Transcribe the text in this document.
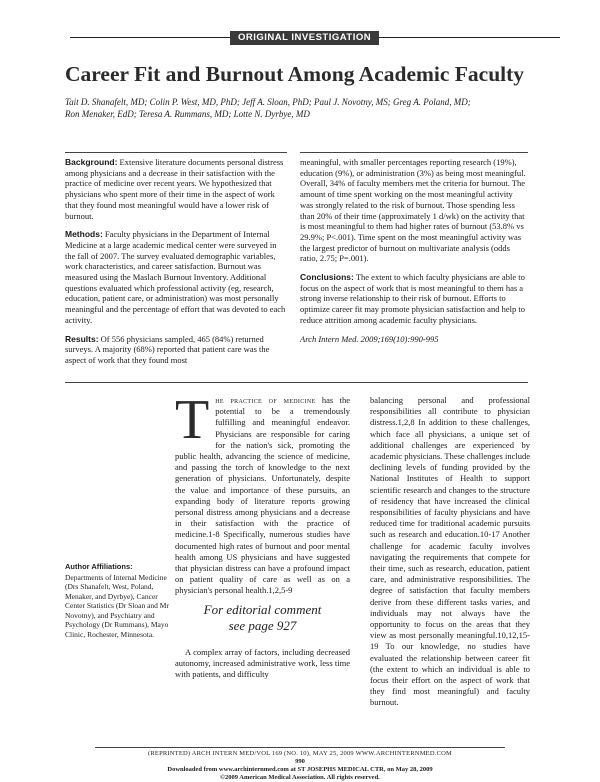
ORIGINAL INVESTIGATION
Career Fit and Burnout Among Academic Faculty
Tait D. Shanafelt, MD; Colin P. West, MD, PhD; Jeff A. Sloan, PhD; Paul J. Novotny, MS; Greg A. Poland, MD;
Ron Menaker, EdD; Teresa A. Rummans, MD; Lotte N. Dyrbye, MD

Background: Extensive literature documents personal distress among physicians and a decrease in their satisfaction with the practice of medicine over recent years. We hypothesized that physicians who spent more of their time in the aspect of work that they found most meaningful would have a lower risk of burnout.

Methods: Faculty physicians in the Department of Internal Medicine at a large academic medical center were surveyed in the fall of 2007. The survey evaluated demographic variables, work characteristics, and career satisfaction. Burnout was measured using the Maslach Burnout Inventory. Additional questions evaluated which professional activity (eg, research, education, patient care, or administration) was most personally meaningful and the percentage of effort that was devoted to each activity.

Results: Of 556 physicians sampled, 465 (84%) returned surveys. A majority (68%) reported that patient care was the aspect of work that they found most

meaningful, with smaller percentages reporting research (19%), education (9%), or administration (3%) as being most meaningful. Overall, 34% of faculty members met the criteria for burnout. The amount of time spent working on the most meaningful activity was strongly related to the risk of burnout. Those spending less than 20% of their time (approximately 1 d/wk) on the activity that is most meaningful to them had higher rates of burnout (53.8% vs 29.9%; P<.001). Time spent on the most meaningful activity was the largest predictor of burnout on multivariate analysis (odds ratio, 2.75; P=.001).

Conclusions: The extent to which faculty physicians are able to focus on the aspect of work that is most meaningful to them has a strong inverse relationship to their risk of burnout. Efforts to optimize career fit may promote physician satisfaction and help to reduce attrition among academic faculty physicians.

Arch Intern Med. 2009;169(10):990-995

T he practice of medicine has the potential to be a tremendously fulfilling and meaningful endeavor. Physicians are responsible for caring for the nation's sick, promoting the public health, advancing the science of medicine, and passing the torch of knowledge to the next generation of physicians. Unfortunately, despite the value and importance of these pursuits, an expanding body of literature reports growing personal distress among physicians and a decrease in their satisfaction with the practice of medicine.1-8 Specifically, numerous studies have documented high rates of burnout and poor mental health among US physicians and have suggested that physician distress can have a profound impact on patient quality of care as well as on a physician's personal health.1,2,5-9

Author Affiliations:
Departments of Internal Medicine (Drs Shanafelt, West, Poland, Menaker, and Dyrbye), Cancer Center Statistics (Dr Sloan and Mr Novotny), and Psychiatry and Psychology (Dr Rummans), Mayo Clinic, Rochester, Minnesota.
For editorial comment
see page 927

A complex array of factors, including decreased autonomy, increased administrative work, less time with patients, and difficulty

balancing personal and professional responsibilities all contribute to physician distress.1,2,8 In addition to these challenges, which face all physicians, a unique set of additional challenges are experienced by academic physicians. These challenges include declining levels of funding provided by the National Institutes of Health to support scientific research and changes to the structure of residency that have increased the clinical responsibilities of faculty physicians and have reduced time for traditional academic pursuits such as research and education.10-17 Another challenge for academic faculty involves navigating the requirements that compete for their time, such as research, education, patient care, and administrative responsibilities. The degree of satisfaction that faculty members derive from these different tasks varies, and individuals may not always have the opportunity to focus on the areas that they view as most personally meaningful.10,12,15-19 To our knowledge, no studies have evaluated the relationship between career fit (the extent to which an individual is able to focus their effort on the aspect of work that they find most meaningful) and faculty burnout.

(REPRINTED) ARCH INTERN MED/VOL 169 (NO. 10), MAY 25, 2009 WWW.ARCHINTERNMED.COM
990
Downloaded from www.archinternmed.com at ST JOSEPHS MEDICAL CTR, on May 28, 2009
©2009 American Medical Association. All rights reserved.
